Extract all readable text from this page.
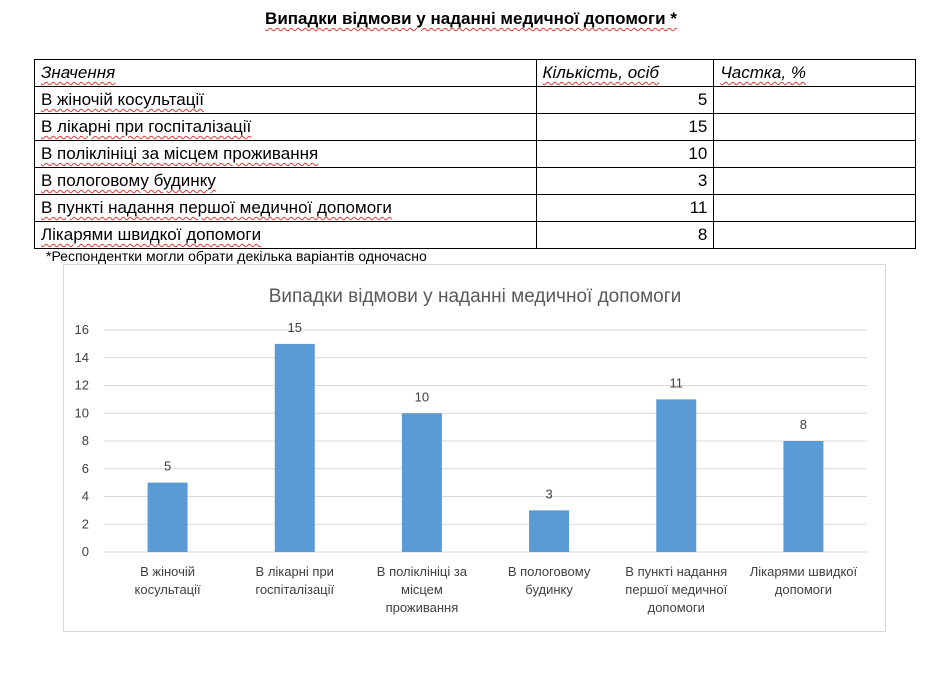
Випадки відмови у наданні медичної допомоги *
Значення	Кількість, осіб	Частка, %
В жіночій косультації	5	
В лікарні при госпіталізації	15	
В поліклініці за місцем проживання	10	
В пологовому будинку	3	
В пункті надання першої медичної допомоги	11	
Лікарями швидкої допомоги	8	
*Респондентки могли обрати декілька варіантів одночасно
Випадки відмови у наданні медичної допомоги
0
2
4
6
8
10
12
14
16
5
В жіночій косультації
15
В лікарні при госпіталізації
10
В поліклініці за місцем проживання
3
В пологовому будинку
11
В пункті надання першої медичної допомоги
8
Лікарями швидкої допомоги
